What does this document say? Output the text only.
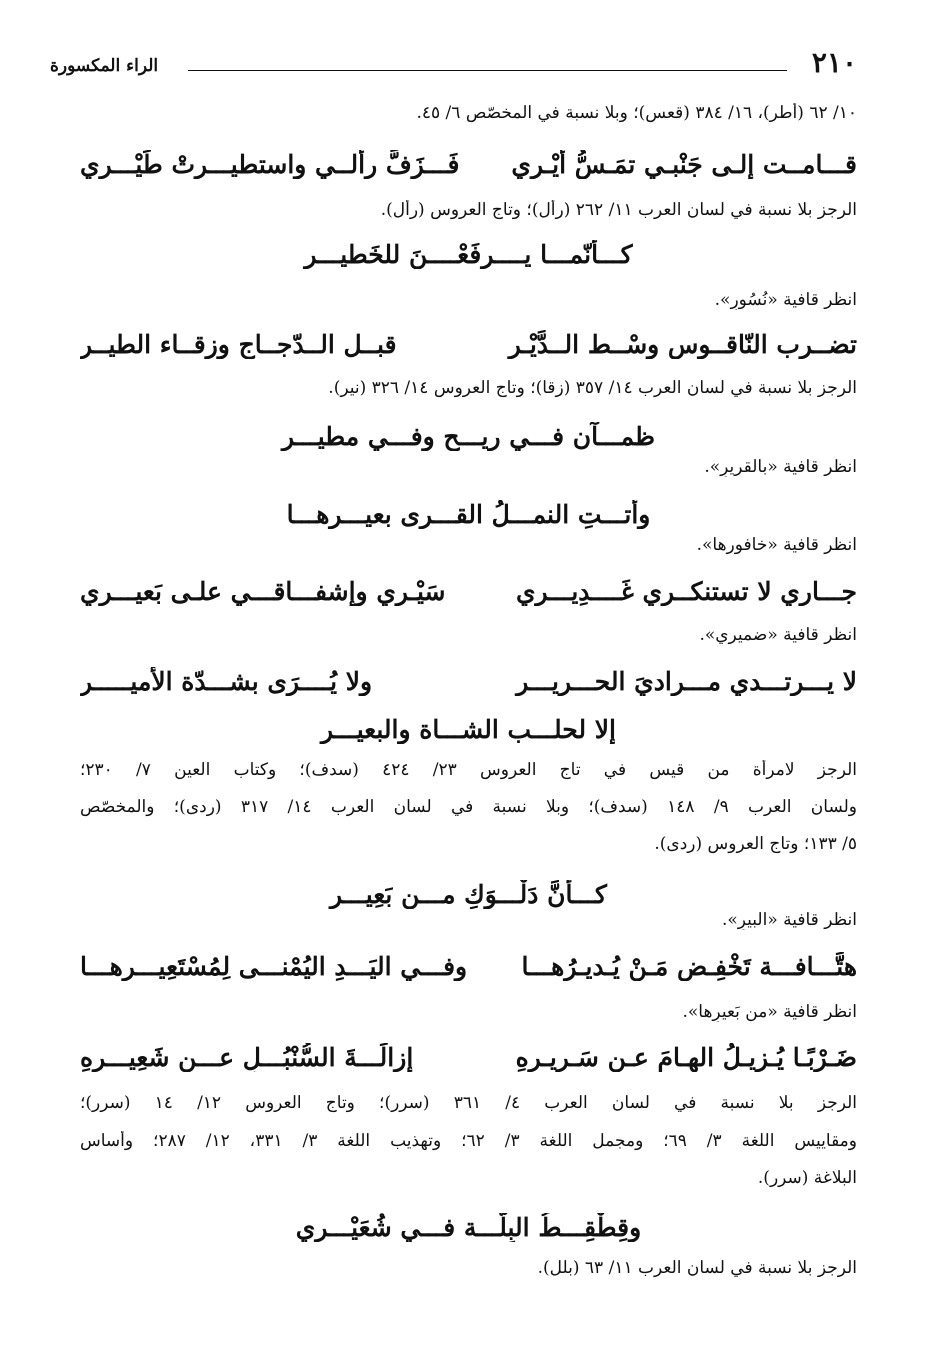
٢١٠
الراء المكسورة
١٠/ ٦٢ (أطر)، ١٦/ ٣٨٤ (قعس)؛ وبلا نسبة في المخصّص ٦/ ٤٥.
قـــامــت إلـى جَنْبـي تمَـسُّ أيْـري
فَـــزَفَّ رألــي واستطيـــرتْ طَيْـــري
الرجز بلا نسبة في لسان العرب ١١/ ٢٦٢ (رأل)؛ وتاج العروس (رأل).
كـــأنّمـــا يــــرفَعْــــنَ للخَطيـــرِ
انظر قافية «نُسُورِ».
تضــرب النّاقــوس وسْــط الــدَّيْـرِ
قبــل الــدّجــاج وزقــاء الطيــرِ
الرجز بلا نسبة في لسان العرب ١٤/ ٣٥٧ (زقا)؛ وتاج العروس ١٤/ ٣٢٦ (نير).
ظمـــآن فـــي ريـــحِ وفـــي مطيـــرِ
انظر قافية «بالقريرِ».
وأتـــتِ النمـــلُ القـــرى بعيـــرِهـــا
انظر قافية «خافورها».
جـــاري لا تستنكــري غَــــدِيـــرِي
سَيْـرِي وإشفـــاقـــي علـى بَعيـــرِي
انظر قافية «ضميري».
لا يـــرتـــدي مـــراديَ الحـــريـــرِ
ولا يُــــرَى بشـــدّة الأميـــــرِ
إلا لحلـــب الشـــاة والبعيـــرِ
الرجز لامرأة من قيس في تاج العروس ٢٣/ ٤٢٤ (سدف)؛ وكتاب العين ٧/ ٢٣٠؛
ولسان العرب ٩/ ١٤٨ (سدف)؛ وبلا نسبة في لسان العرب ١٤/ ٣١٧ (ردى)؛ والمخصّص
٥/ ١٣٣؛ وتاج العروس (ردى).
كـــأنَّ دَلْـــوَكِ مـــن بَعِيـــرِ
انظر قافية «البيرِ».
هتَّـــافـــة تَخْفِـض مَـنْ يُـديـرُهـــا
وفـــي اليَـــدِ اليُمْنـــى لِمُسْتَعِيـــرِهـــا
انظر قافية «من بَعيرِها».
ضَـرْبًـا يُـزيـلُ الهـامَ عـن سَـريـرِهِ
إزالَـــةَ السُّنْبُـــلِ عـــن شَعِيـــرِهِ
الرجز بلا نسبة في لسان العرب ٤/ ٣٦١ (سرر)؛ وتاج العروس ١٢/ ١٤ (سرر)؛
ومقاييس اللغة ٣/ ٦٩؛ ومجمل اللغة ٣/ ٦٢؛ وتهذيب اللغة ٣/ ٣٣١، ١٢/ ٢٨٧؛ وأساس
البلاغة (سرر).
وقِطْقِـــطُ البِلَّـــة فـــي شُعَيْـــرِي
الرجز بلا نسبة في لسان العرب ١١/ ٦٣ (بلل).
